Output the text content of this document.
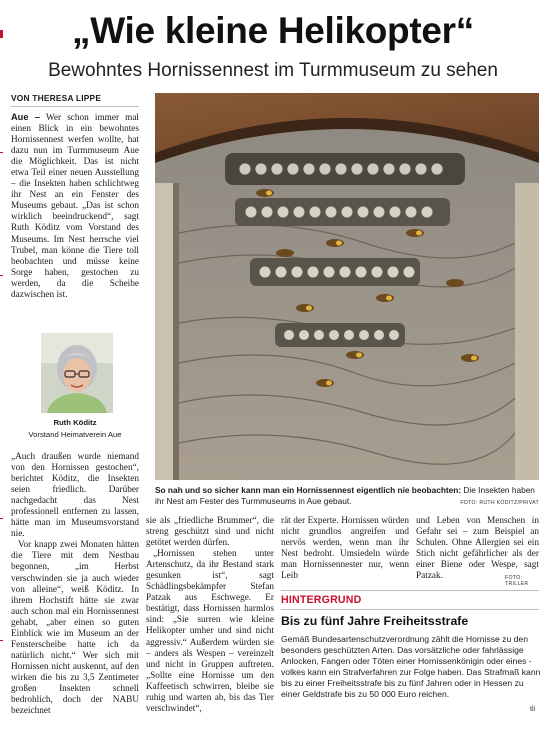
„Wie kleine Helikopter“
Bewohntes Hornissennest im Turmmuseum zu sehen
VON THERESA LIPPE

Aue – Wer schon immer mal einen Blick in ein bewohntes Hornissennest werfen wollte, hat dazu nun im Turmmuseum Aue die Möglichkeit. Das ist nicht etwa Teil einer neuen Ausstellung – die Insekten haben schlichtweg ihr Nest an ein Fenster des Museums gebaut. „Das ist schon wirklich beeindruckend“, sagt Ruth Köditz vom Vorstand des Museums. Im Nest herrsche viel Trubel, man könne die Tiere toll beobachten und müsse keine Sorge haben, gestochen zu werden, da die Scheibe dazwischen ist.

Ruth Köditz
Vorstand Heimatverein Aue

„Auch draußen wurde niemand von den Hornissen gestochen“, berichtet Köditz, die Insekten seien friedlich. Darüber nachgedacht das Nest professionell entfernen zu lassen, hätte man im Museumsvorstand nie.

Vor knapp zwei Monaten hätten die Tiere mit dem Nestbau begonnen, „im Herbst verschwinden sie ja auch wieder von alleine“, weiß Köditz. In ihrem Hochstift hätte sie zwar auch schon mal ein Hornissennest gehabt, „aber einen so guten Einblick wie im Museum an der Fensterscheibe hatte ich da natürlich nicht.“ Wer sich mit Hornissen nicht auskennt, auf den wirken die bis zu 3,5 Zentimeter großen Insekten schnell bedrohlich, doch der NABU bezeichnet

So nah und so sicher kann man ein Hornissennest eigentlich nie beobachten: Die Insekten haben ihr Nest am Fester des Turmmuseums in Aue gebaut.	FOTO: RUTH KÖDITZ/PRIVAT

sie als „friedliche Brummer“, die streng geschützt sind und nicht getötet werden dürfen.

„Hornissen stehen unter Artenschutz, da ihr Bestand stark gesunken ist“, sagt Schädlingsbekämpfer Stefan Patzak aus Eschwege. Er bestätigt, dass Hornissen harmlos sind: „Sie surren wie kleine Helikopter umher und sind nicht aggressiv.“ Außerdem würden sie – anders als Wespen – vereinzelt und nicht in Gruppen auftreten. „Sollte eine Hornisse um den Kaffeetisch schwirren, bleibe sie ruhig und warten ab, bis das Tier verschwindet“,

rät der Experte. Hornissen würden nicht grundlos angreifen und nervös werden, wenn man ihr Nest bedroht. Umsiedeln würde man Hornissennester nur, wenn Leib

und Leben von Menschen in Gefahr sei – zum Beispiel an Schulen. Ohne Allergien sei ein Stich nicht gefährlicher als der einer Biene oder Wespe, sagt Patzak.	FOTO: TRILLER
HINTERGRUND
Bis zu fünf Jahre Freiheitsstrafe
Gemäß Bundesartenschutzverordnung zählt die Hornisse zu den besonders geschützten Arten. Das vorsätzliche oder fahrlässige Anlocken, Fangen oder Töten einer Hornissenkönigin oder eines -volkes kann ein Strafverfahren zur Folge haben. Das Strafmaß kann bis zu einer Freiheitsstrafe bis zu fünf Jahren oder in Hessen zu einer Geldstrafe bis zu 50 000 Euro reichen.
tli
